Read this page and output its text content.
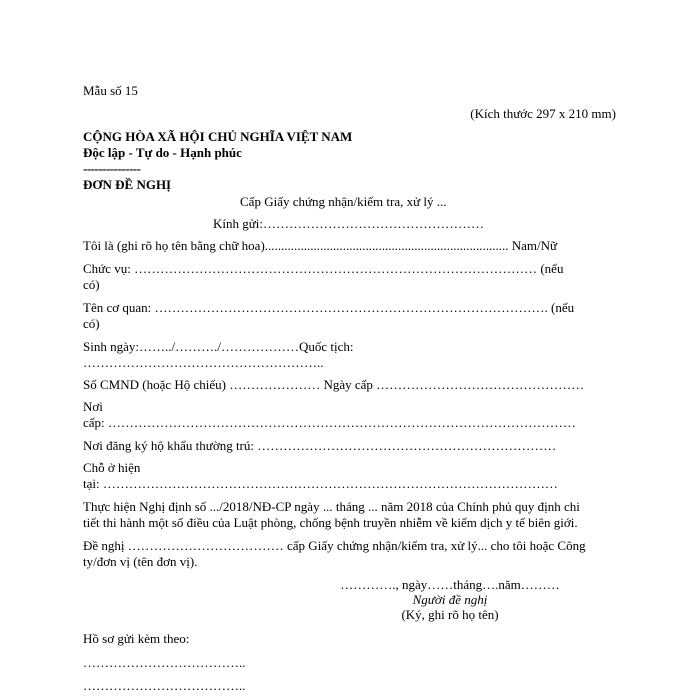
Mẫu số 15
(Kích thước 297 x 210 mm)
CỘNG HÒA XÃ HỘI CHỦ NGHĨA VIỆT NAM
Độc lập - Tự do - Hạnh phúc
---------------
ĐƠN ĐỀ NGHỊ
Cấp Giấy chứng nhận/kiểm tra, xử lý ...
Kính gửi:……………………………………………
Tôi là (ghi rõ họ tên bằng chữ hoa)........................................................................... Nam/Nữ
Chức vụ: ………………………………………………………………………………… (nếu
có)
Tên cơ quan: ………………………………………………………………………………. (nếu
có)
Sinh ngày:……../………./………………Quốc tịch:
………………………………………………..
Số CMND (hoặc Hộ chiếu) ………………… Ngày cấp …………………………………………
Nơi
cấp: ………………………………………………………………………………………………
Nơi đăng ký hộ khẩu thường trú: ……………………………………………………………
Chỗ ở hiện
tại: ……………………………………………………………………………………………
Thực hiện Nghị định số .../2018/NĐ-CP ngày ... tháng ... năm 2018 của Chính phủ quy định chi
tiết thi hành một số điều của Luật phòng, chống bệnh truyền nhiễm về kiểm dịch y tế biên giới.
Đề nghị ……………………………… cấp Giấy chứng nhận/kiểm tra, xử lý... cho tôi hoặc Công
ty/đơn vị (tên đơn vị).
…………., ngày……tháng….năm………
Người đề nghị
(Ký, ghi rõ họ tên)
Hồ sơ gửi kèm theo:
………………………………..
………………………………..
